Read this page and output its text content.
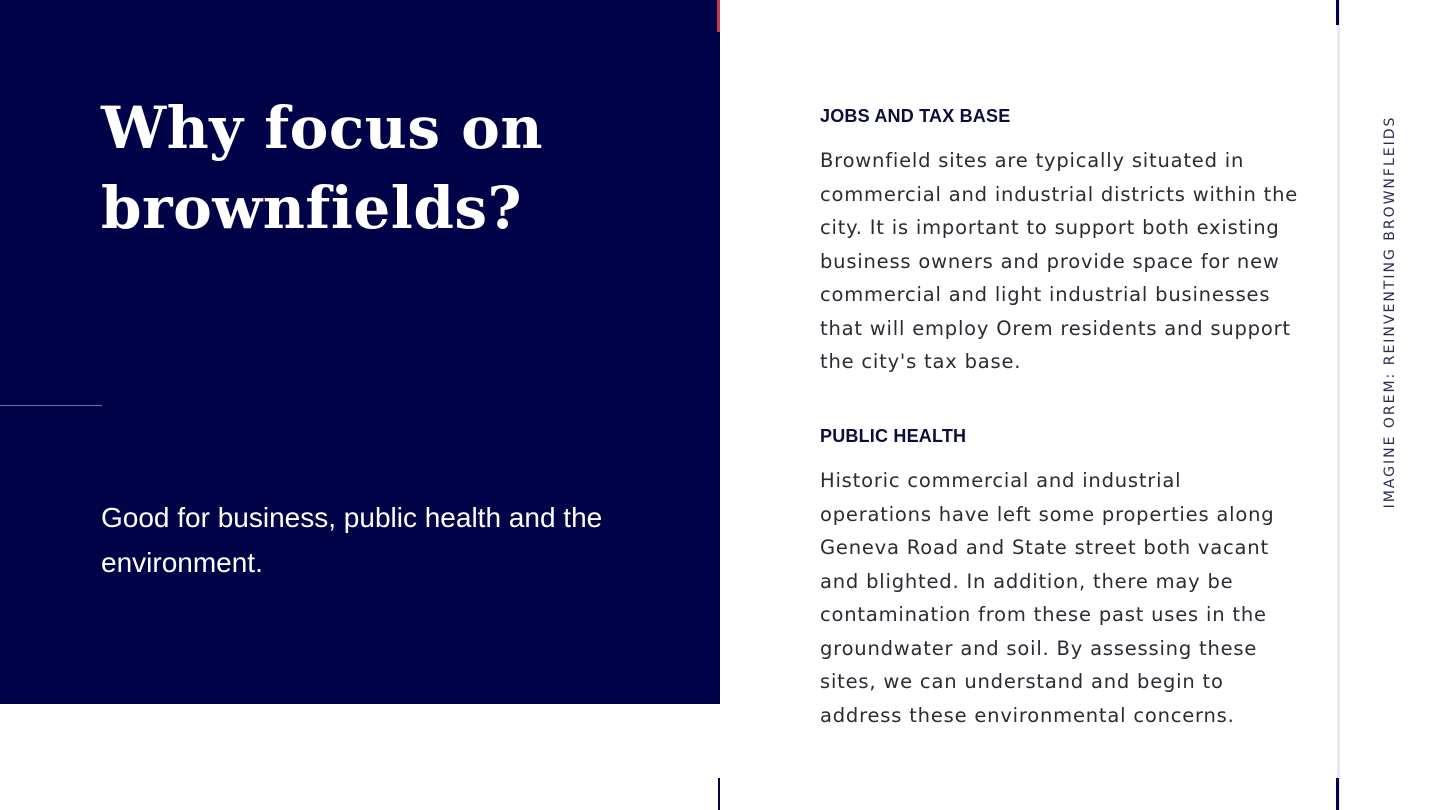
Why focus on brownfields?

Good for business, public health and the environment.

IMAGINE OREM: REINVENTING BROWNFLEIDS
JOBS AND TAX BASE

Brownfield sites are typically situated in commercial and industrial districts within the city. It is important to support both existing business owners and provide space for new commercial and light industrial businesses that will employ Orem residents and support the city's tax base.

PUBLIC HEALTH

Historic commercial and industrial operations have left some properties along Geneva Road and State street both vacant and blighted. In addition, there may be contamination from these past uses in the groundwater and soil. By assessing these sites, we can understand and begin to address these environmental concerns.
